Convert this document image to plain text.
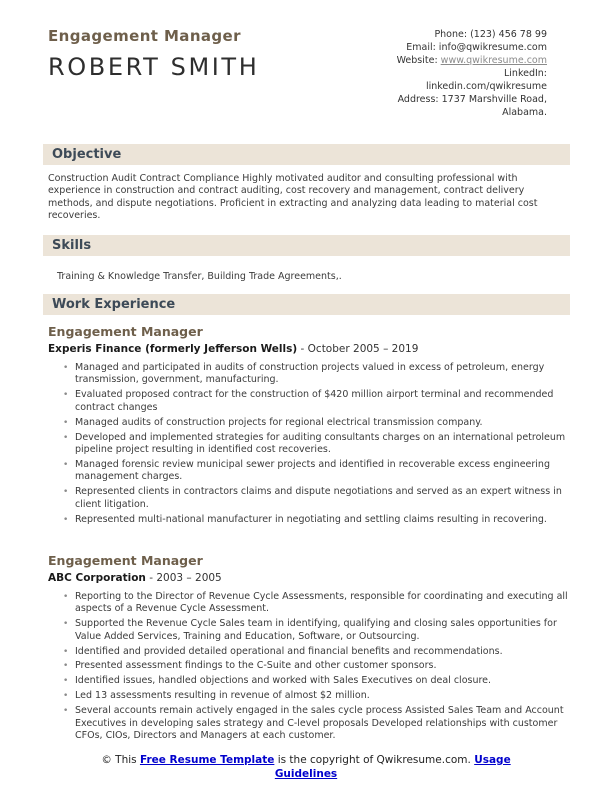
Engagement Manager
ROBERT SMITH
Phone: (123) 456 78 99
Email: info@qwikresume.com
Website: www.qwikresume.com
LinkedIn:
linkedin.com/qwikresume
Address: 1737 Marshville Road,
Alabama.
Objective
Construction Audit Contract Compliance Highly motivated auditor and consulting professional with experience in construction and contract auditing, cost recovery and management, contract delivery methods, and dispute negotiations. Proficient in extracting and analyzing data leading to material cost recoveries.
Skills
Training & Knowledge Transfer, Building Trade Agreements,.
Work Experience
Engagement Manager
Experis Finance (formerly Jefferson Wells) - October 2005 – 2019
• Managed and participated in audits of construction projects valued in excess of petroleum, energy transmission, government, manufacturing.
• Evaluated proposed contract for the construction of $420 million airport terminal and recommended contract changes
• Managed audits of construction projects for regional electrical transmission company.
• Developed and implemented strategies for auditing consultants charges on an international petroleum pipeline project resulting in identified cost recoveries.
• Managed forensic review municipal sewer projects and identified in recoverable excess engineering management charges.
• Represented clients in contractors claims and dispute negotiations and served as an expert witness in client litigation.
• Represented multi-national manufacturer in negotiating and settling claims resulting in recovering.
Engagement Manager
ABC Corporation - 2003 – 2005
• Reporting to the Director of Revenue Cycle Assessments, responsible for coordinating and executing all aspects of a Revenue Cycle Assessment.
• Supported the Revenue Cycle Sales team in identifying, qualifying and closing sales opportunities for Value Added Services, Training and Education, Software, or Outsourcing.
• Identified and provided detailed operational and financial benefits and recommendations.
• Presented assessment findings to the C-Suite and other customer sponsors.
• Identified issues, handled objections and worked with Sales Executives on deal closure.
• Led 13 assessments resulting in revenue of almost $2 million.
• Several accounts remain actively engaged in the sales cycle process Assisted Sales Team and Account Executives in developing sales strategy and C-level proposals Developed relationships with customer CFOs, CIOs, Directors and Managers at each customer.
© This Free Resume Template is the copyright of Qwikresume.com. Usage Guidelines
